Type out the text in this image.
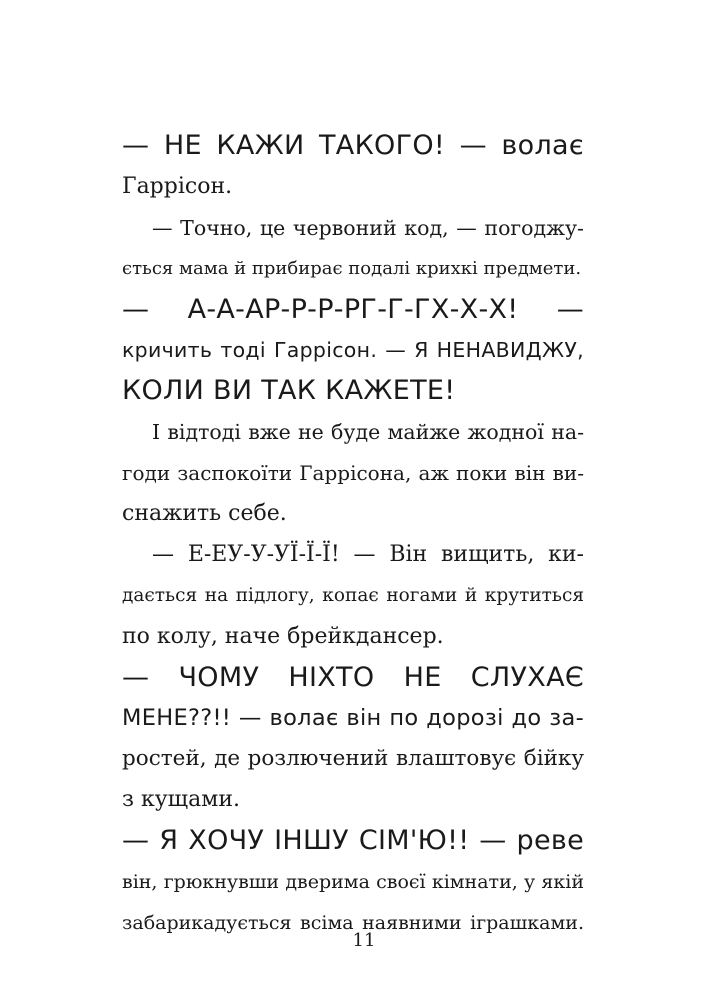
— НЕ КАЖИ ТАКОГО! — волає
Гаррісон.
— Точно, це червоний код, — погоджу-
ється мама й прибирає подалі крихкі предмети.
— А-А-АР-Р-Р-РГ-Г-ГХ-Х-Х! —
кричить тоді Гаррісон. — Я НЕНАВИДЖУ,
КОЛИ ВИ ТАК КАЖЕТЕ!
І відтоді вже не буде майже жодної на-
годи заспокоїти Гаррісона, аж поки він ви-
снажить себе.
— Е-ЕУ-У-УЇ-Ї-Ї! — Він вищить, ки-
дається на підлогу, копає ногами й крутиться
по колу, наче брейкдансер.
— ЧОМУ НІХТО НЕ СЛУХАЄ
МЕНЕ??!! — волає він по дорозі до за-
ростей, де розлючений влаштовує бійку
з кущами.
— Я ХОЧУ ІНШУ СІМ'Ю!! — реве
він, грюкнувши дверима своєї кімнати, у якій
забарикадується всіма наявними іграшками.
11
